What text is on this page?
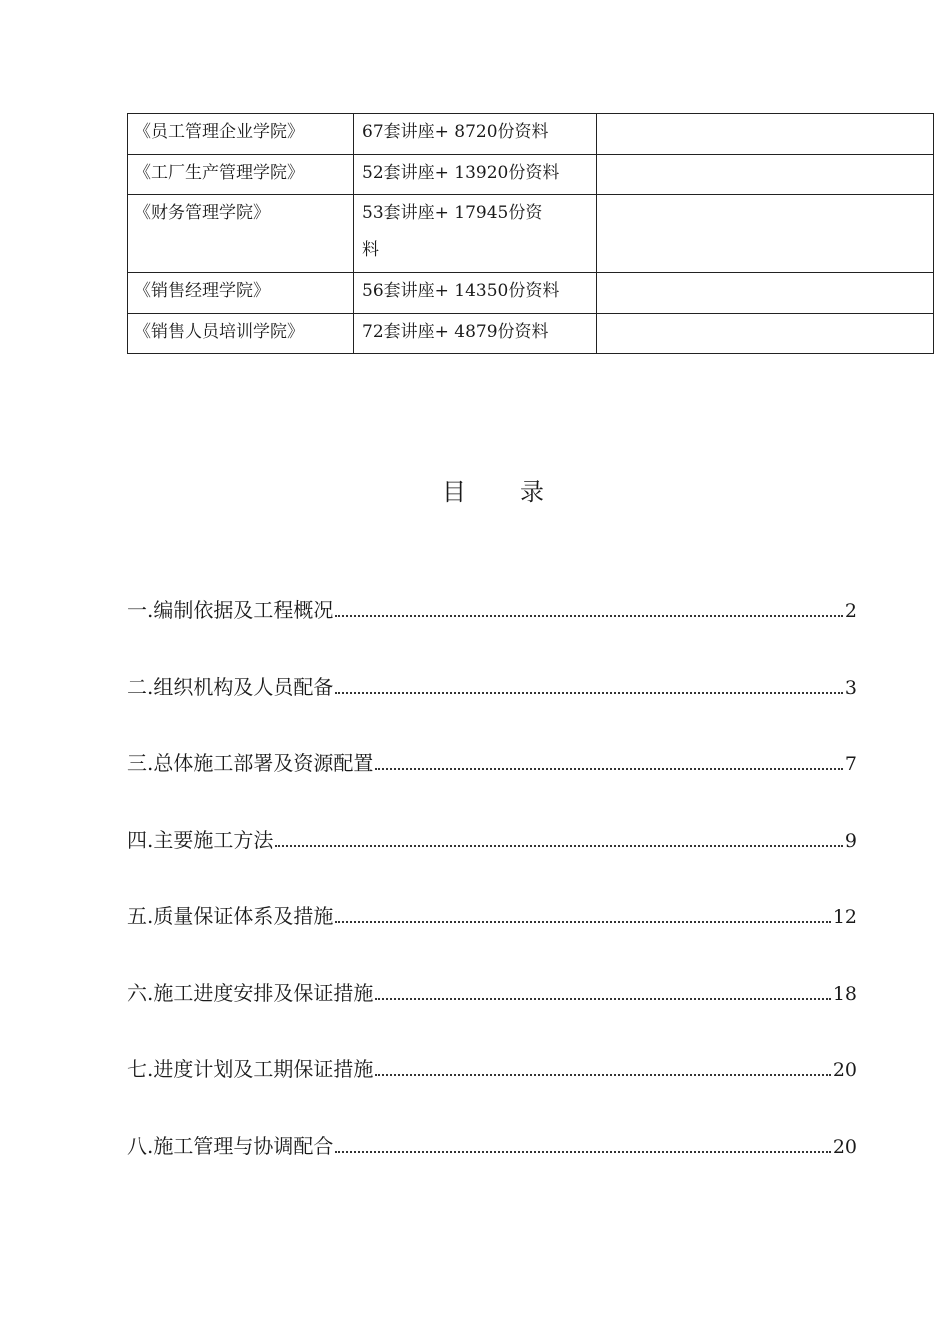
《员工管理企业学院》	67套讲座+ 8720份资料	
《工厂生产管理学院》	52套讲座+ 13920份资料	
《财务管理学院》	53套讲座+ 17945份资料	

《销售经理学院》	56套讲座+ 14350份资料	
《销售人员培训学院》	72套讲座+ 4879份资料	
目 录
一.编制依据及工程概况	2
二.组织机构及人员配备	3
三.总体施工部署及资源配置	7
四.主要施工方法	9
五.质量保证体系及措施	12
六.施工进度安排及保证措施	18
七.进度计划及工期保证措施	20
八.施工管理与协调配合	20
